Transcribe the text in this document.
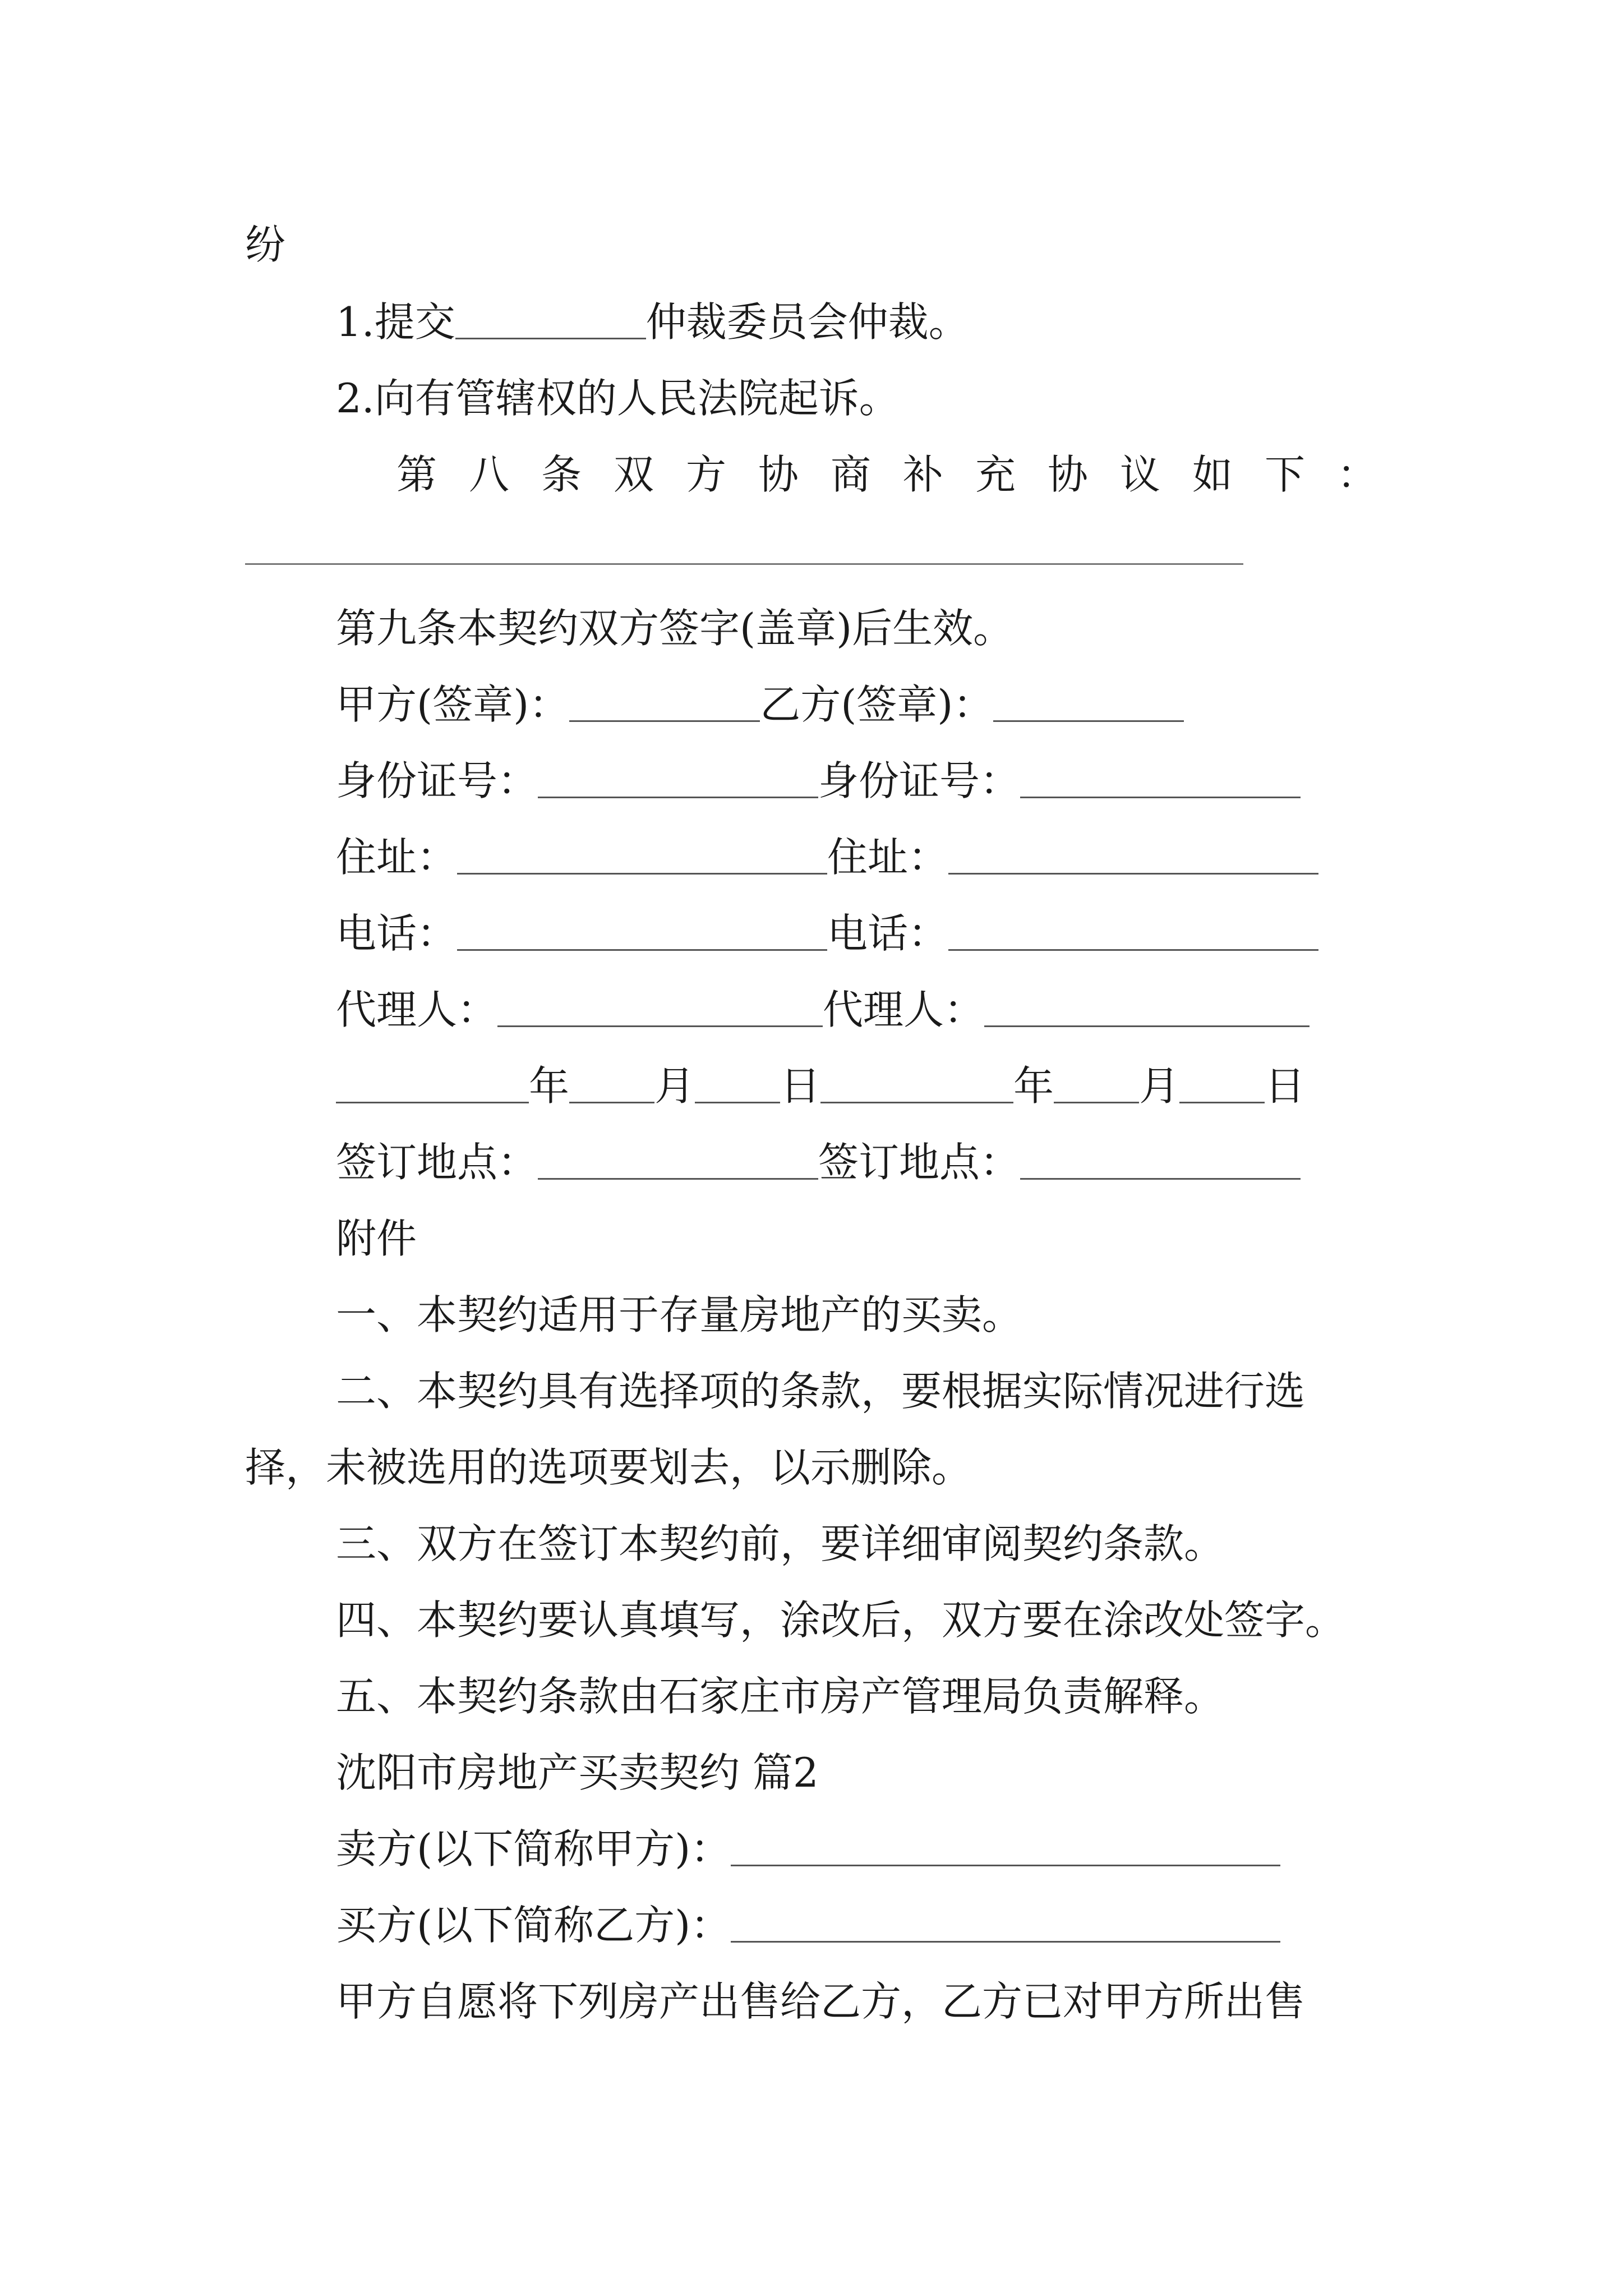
纷
1.提交	仲裁委员会仲裁。
2.向有管辖权的人民法院起诉。
第八条双方协商补充协议如下：
第九条本契约双方签字(盖章)后生效。
甲方(签章)：	乙方(签章)：
身份证号：	身份证号：
住址：	住址：
电话：	电话：
代理人：	代理人：
年 月 日	年 月 日
签订地点：	签订地点：
附件
一、本契约适用于存量房地产的买卖。
二、本契约具有选择项的条款，要根据实际情况进行选
择，未被选用的选项要划去，以示删除。
三、双方在签订本契约前，要详细审阅契约条款。
四、本契约要认真填写，涂改后，双方要在涂改处签字。
五、本契约条款由石家庄市房产管理局负责解释。
沈阳市房地产买卖契约 篇2
卖方(以下简称甲方)：
买方(以下简称乙方)：
甲方自愿将下列房产出售给乙方，乙方已对甲方所出售
